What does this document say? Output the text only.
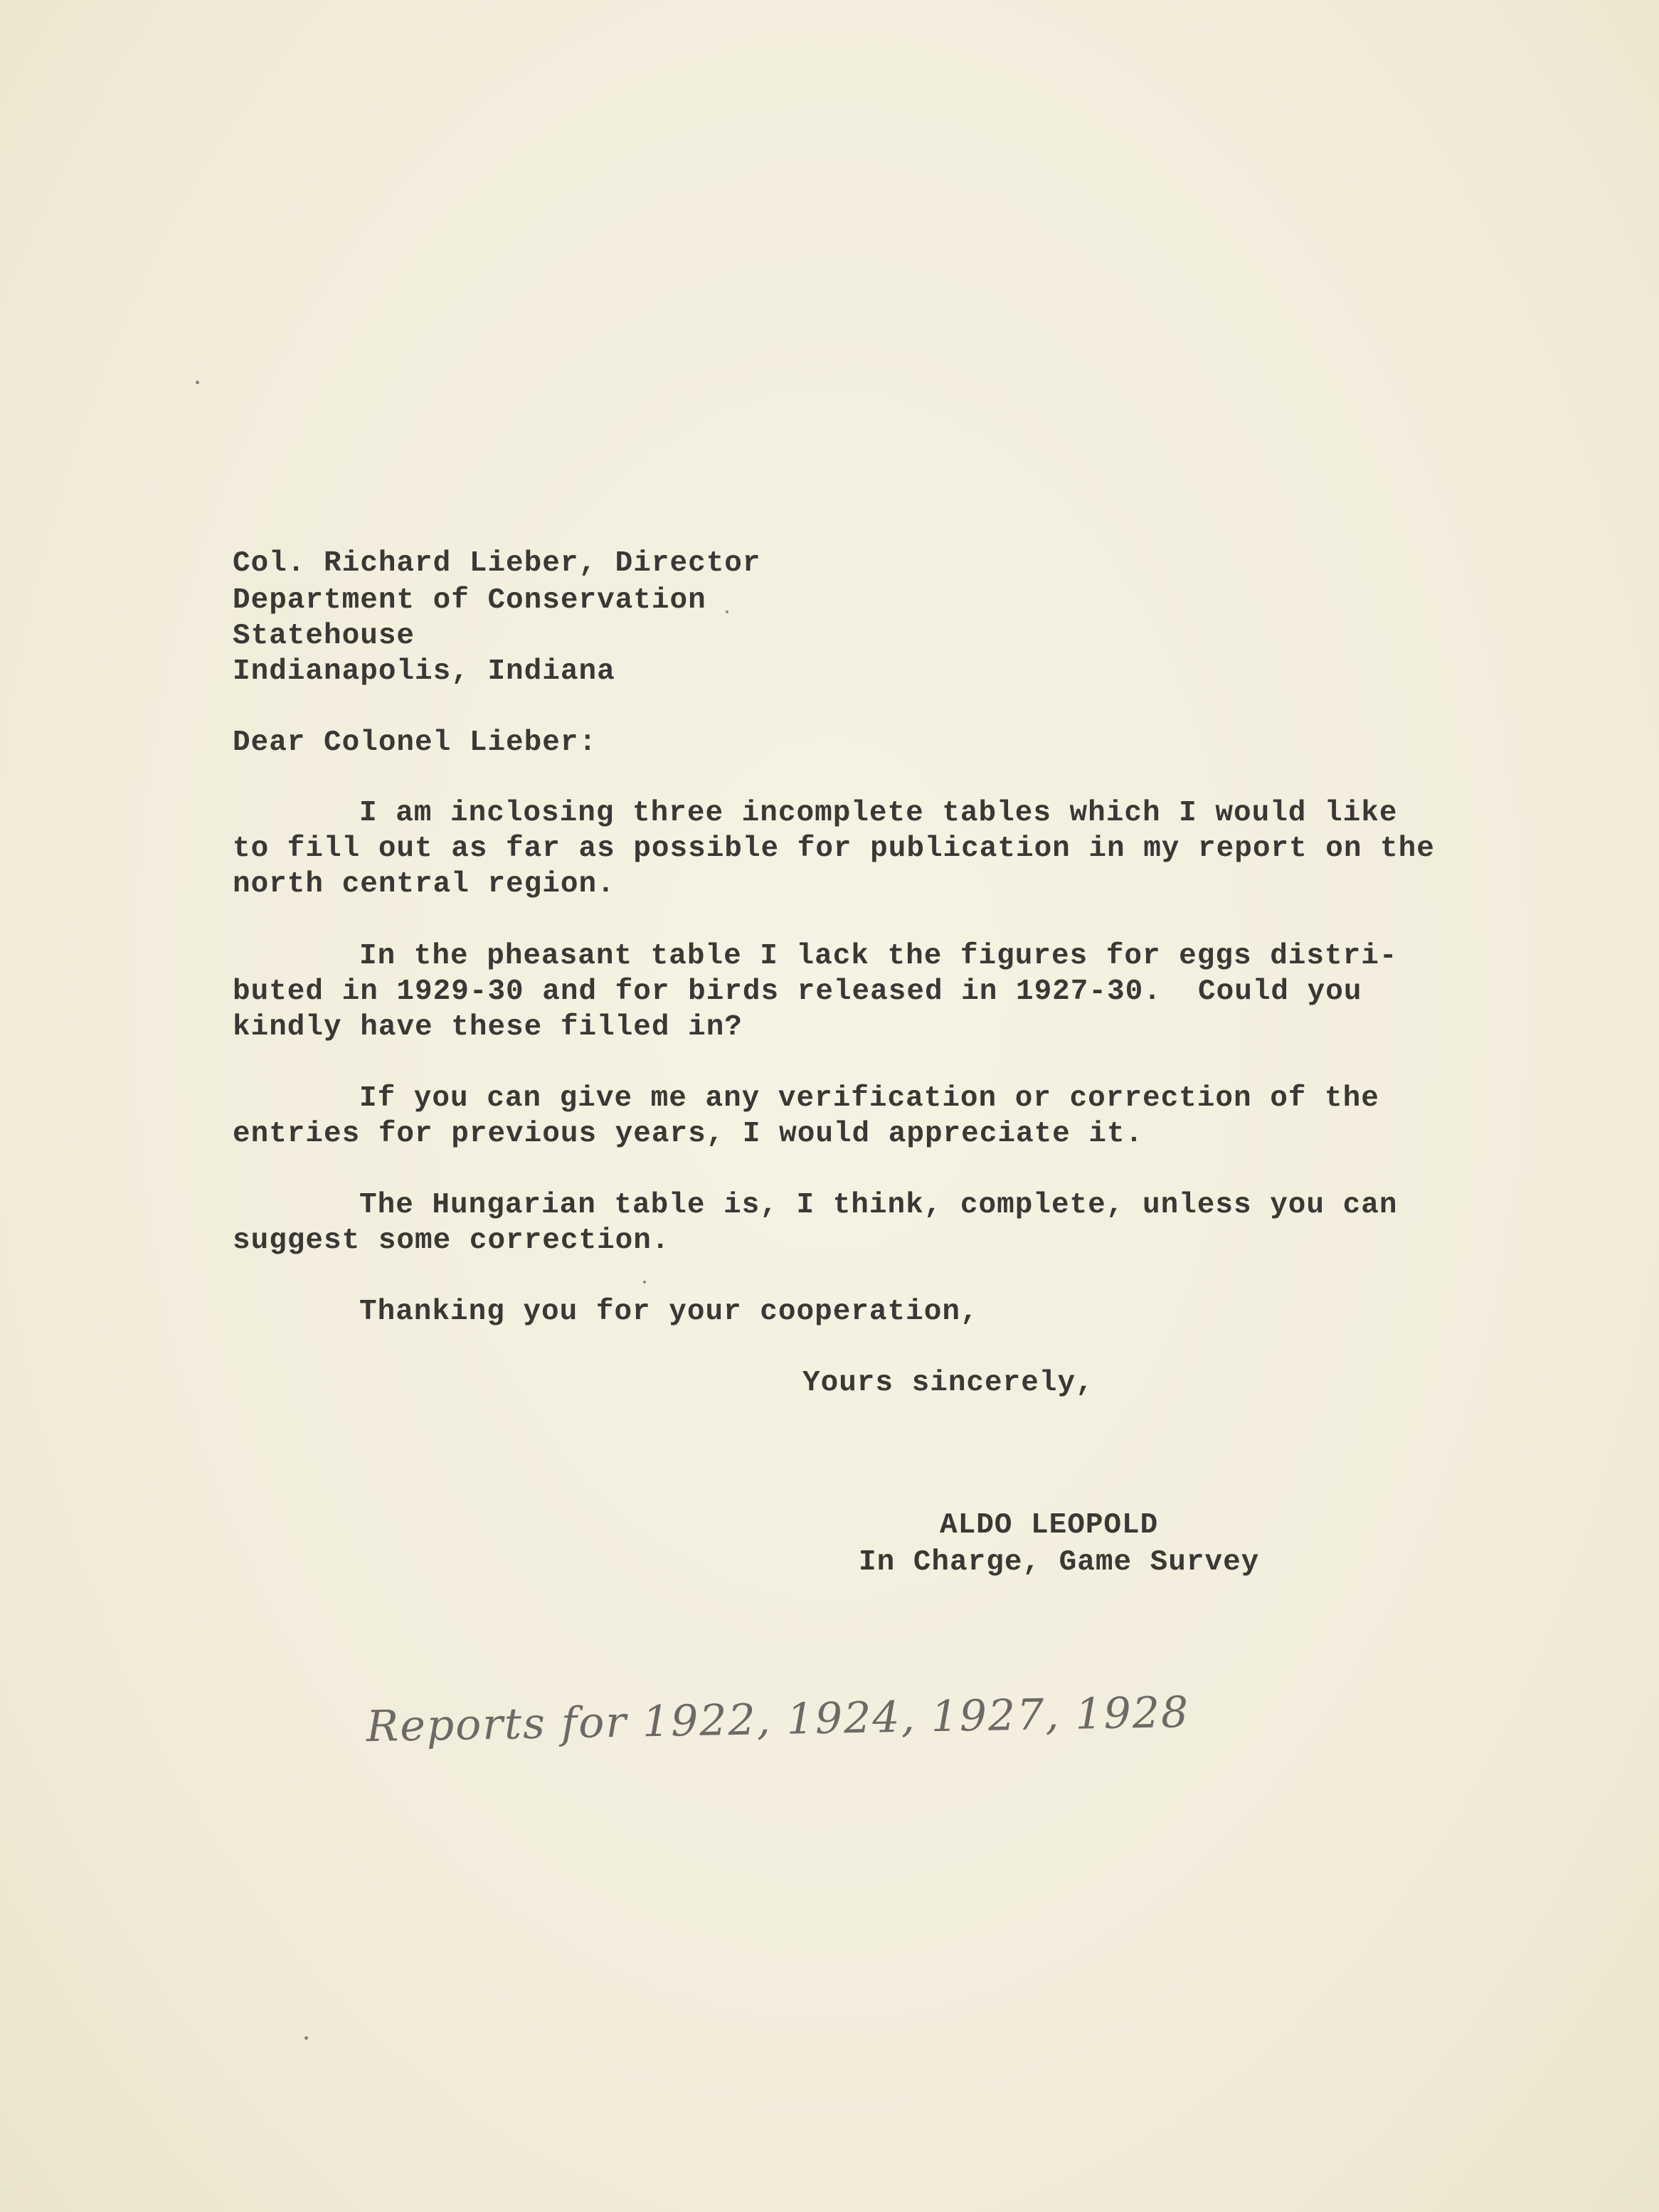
Col. Richard Lieber, Director
Department of Conservation
Statehouse
Indianapolis, Indiana
Dear Colonel Lieber:
I am inclosing three incomplete tables which I would like
to fill out as far as possible for publication in my report on the
north central region.
In the pheasant table I lack the figures for eggs distri-
buted in 1929-30 and for birds released in 1927-30.  Could you
kindly have these filled in?
If you can give me any verification or correction of the
entries for previous years, I would appreciate it.
The Hungarian table is, I think, complete, unless you can
suggest some correction.
Thanking you for your cooperation,
Yours sincerely,
ALDO LEOPOLD
In Charge, Game Survey
Reports for 1922, 1924, 1927, 1928
